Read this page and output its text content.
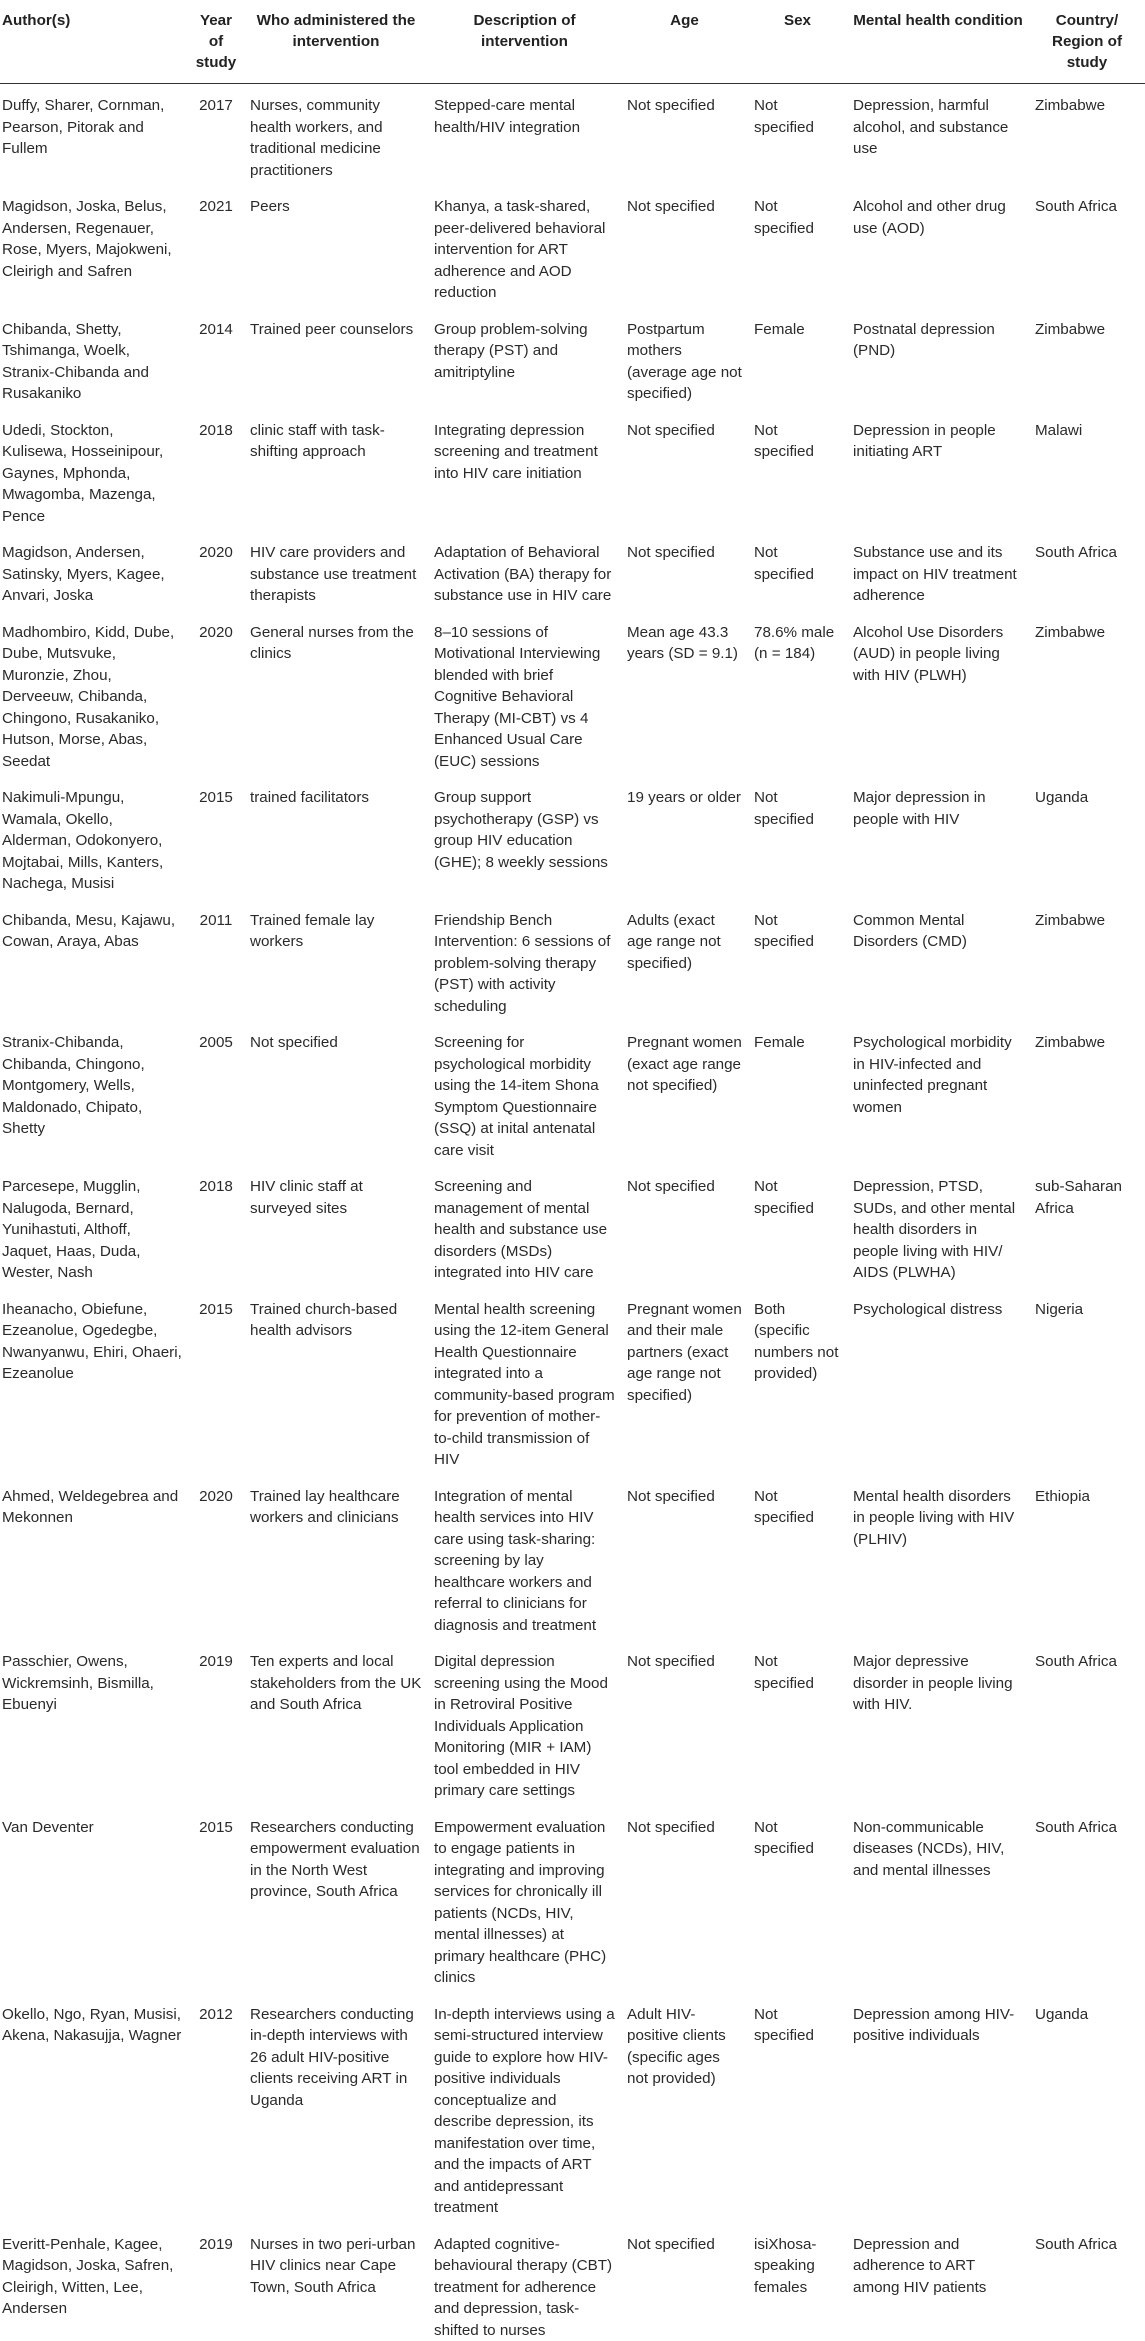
Author(s)	Year of study	Who administered the intervention	Description of intervention	Age	Sex	Mental health condition	Country/ Region of study
Duffy, Sharer, Cornman, Pearson, Pitorak and Fullem	2017	Nurses, community health workers, and traditional medicine practitioners	Stepped-care mental health/HIV integration	Not specified	Not specified	Depression, harmful alcohol, and substance use	Zimbabwe
Magidson, Joska, Belus, Andersen, Regenauer, Rose, Myers, Majokweni, Cleirigh and Safren	2021	Peers	Khanya, a task-shared, peer-delivered behavioral intervention for ART adherence and AOD reduction	Not specified	Not specified	Alcohol and other drug use (AOD)	South Africa
Chibanda, Shetty, Tshimanga, Woelk, Stranix-Chibanda and Rusakaniko	2014	Trained peer counselors	Group problem-solving therapy (PST) and amitriptyline	Postpartum mothers (average age not specified)	Female	Postnatal depression (PND)	Zimbabwe
Udedi, Stockton, Kulisewa, Hosseinipour, Gaynes, Mphonda, Mwagomba, Mazenga, Pence	2018	clinic staff with task-shifting approach	Integrating depression screening and treatment into HIV care initiation	Not specified	Not specified	Depression in people initiating ART	Malawi
Magidson, Andersen, Satinsky, Myers, Kagee, Anvari, Joska	2020	HIV care providers and substance use treatment therapists	Adaptation of Behavioral Activation (BA) therapy for substance use in HIV care	Not specified	Not specified	Substance use and its impact on HIV treatment adherence	South Africa
Madhombiro, Kidd, Dube, Dube, Mutsvuke, Muronzie, Zhou, Derveeuw, Chibanda, Chingono, Rusakaniko, Hutson, Morse, Abas, Seedat	2020	General nurses from the clinics	8–10 sessions of Motivational Interviewing blended with brief Cognitive Behavioral Therapy (MI-CBT) vs 4 Enhanced Usual Care (EUC) sessions	Mean age 43.3 years (SD = 9.1)	78.6% male (n = 184)	Alcohol Use Disorders (AUD) in people living with HIV (PLWH)	Zimbabwe
Nakimuli-Mpungu, Wamala, Okello, Alderman, Odokonyero, Mojtabai, Mills, Kanters, Nachega, Musisi	2015	trained facilitators	Group support psychotherapy (GSP) vs group HIV education (GHE); 8 weekly sessions	19 years or older	Not specified	Major depression in people with HIV	Uganda
Chibanda, Mesu, Kajawu, Cowan, Araya, Abas	2011	Trained female lay workers	Friendship Bench Intervention: 6 sessions of problem-solving therapy (PST) with activity scheduling	Adults (exact age range not specified)	Not specified	Common Mental Disorders (CMD)	Zimbabwe
Stranix-Chibanda, Chibanda, Chingono, Montgomery, Wells, Maldonado, Chipato, Shetty	2005	Not specified	Screening for psychological morbidity using the 14-item Shona Symptom Questionnaire (SSQ) at inital antenatal care visit	Pregnant women (exact age range not specified)	Female	Psychological morbidity in HIV-infected and uninfected pregnant women	Zimbabwe
Parcesepe, Mugglin, Nalugoda, Bernard, Yunihastuti, Althoff, Jaquet, Haas, Duda, Wester, Nash	2018	HIV clinic staff at surveyed sites	Screening and management of mental health and substance use disorders (MSDs) integrated into HIV care	Not specified	Not specified	Depression, PTSD, SUDs, and other mental health disorders in people living with HIV/ AIDS (PLWHA)	sub-Saharan Africa
Iheanacho, Obiefune, Ezeanolue, Ogedegbe, Nwanyanwu, Ehiri, Ohaeri, Ezeanolue	2015	Trained church-based health advisors	Mental health screening using the 12-item General Health Questionnaire integrated into a community-based program for prevention of mother-to-child transmission of HIV	Pregnant women and their male partners (exact age range not specified)	Both (specific numbers not provided)	Psychological distress	Nigeria
Ahmed, Weldegebrea and Mekonnen	2020	Trained lay healthcare workers and clinicians	Integration of mental health services into HIV care using task-sharing: screening by lay healthcare workers and referral to clinicians for diagnosis and treatment	Not specified	Not specified	Mental health disorders in people living with HIV (PLHIV)	Ethiopia
Passchier, Owens, Wickremsinh, Bismilla, Ebuenyi	2019	Ten experts and local stakeholders from the UK and South Africa	Digital depression screening using the Mood in Retroviral Positive Individuals Application Monitoring (MIR + IAM) tool embedded in HIV primary care settings	Not specified	Not specified	Major depressive disorder in people living with HIV.	South Africa
Van Deventer	2015	Researchers conducting empowerment evaluation in the North West province, South Africa	Empowerment evaluation to engage patients in integrating and improving services for chronically ill patients (NCDs, HIV, mental illnesses) at primary healthcare (PHC) clinics	Not specified	Not specified	Non-communicable diseases (NCDs), HIV, and mental illnesses	South Africa
Okello, Ngo, Ryan, Musisi, Akena, Nakasujja, Wagner	2012	Researchers conducting in-depth interviews with 26 adult HIV-positive clients receiving ART in Uganda	In-depth interviews using a semi-structured interview guide to explore how HIV-positive individuals conceptualize and describe depression, its manifestation over time, and the impacts of ART and antidepressant treatment	Adult HIV-positive clients (specific ages not provided)	Not specified	Depression among HIV-positive individuals	Uganda
Everitt-Penhale, Kagee, Magidson, Joska, Safren, Cleirigh, Witten, Lee, Andersen	2019	Nurses in two peri-urban HIV clinics near Cape Town, South Africa	Adapted cognitive-behavioural therapy (CBT) treatment for adherence and depression, task-shifted to nurses	Not specified	isiXhosa-speaking females	Depression and adherence to ART among HIV patients	South Africa
